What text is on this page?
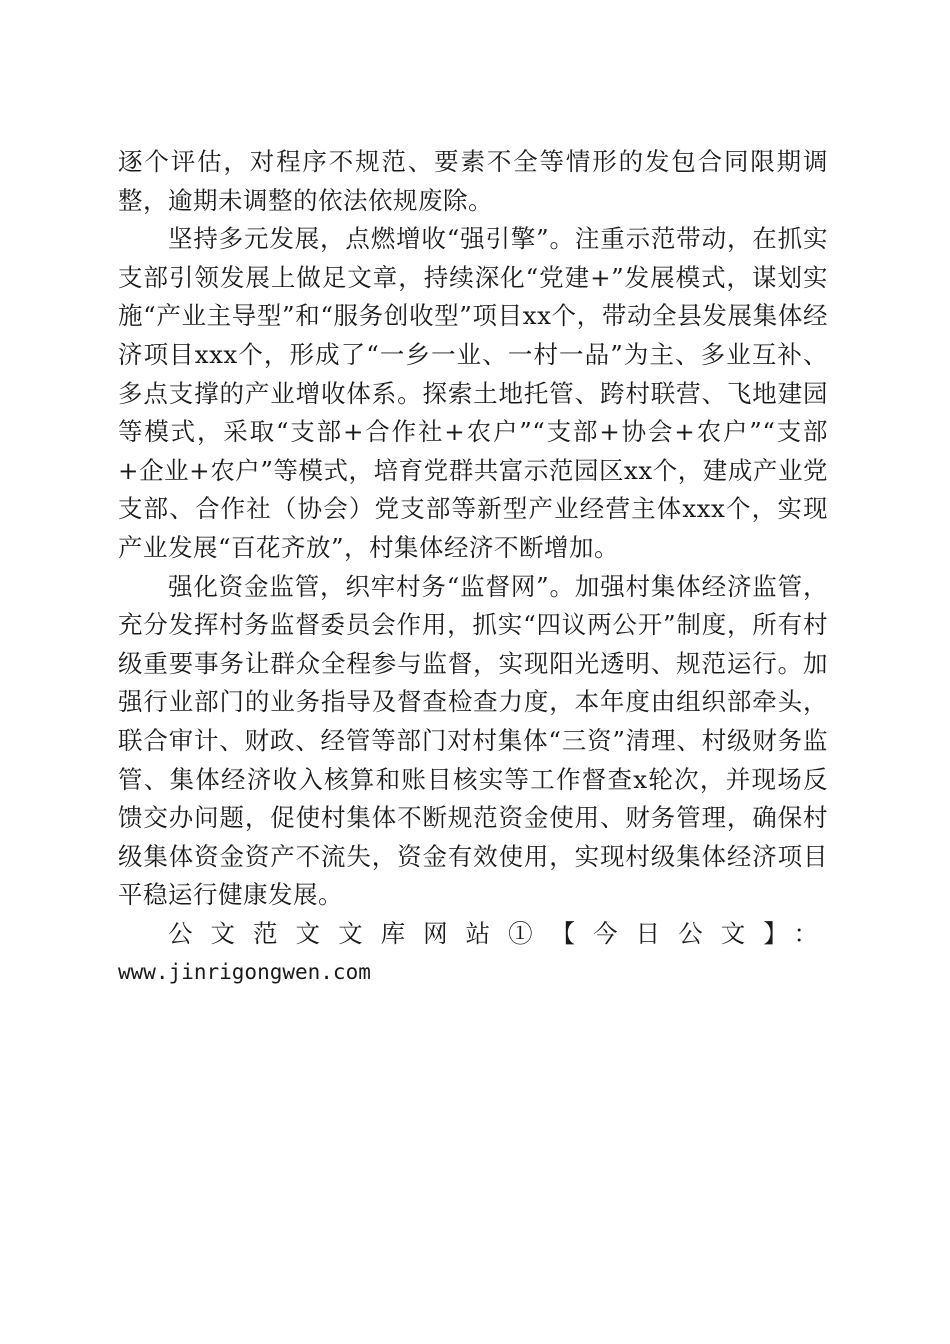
逐个评估，对程序不规范、要素不全等情形的发包合同限期调整，逾期未调整的依法依规废除。

坚持多元发展，点燃增收“强引擎”。注重示范带动，在抓实支部引领发展上做足文章，持续深化“党建+”发展模式，谋划实施“产业主导型”和“服务创收型”项目xx个，带动全县发展集体经济项目xxx个，形成了“一乡一业、一村一品”为主、多业互补、多点支撑的产业增收体系。探索土地托管、跨村联营、飞地建园等模式，采取“支部+合作社+农户”“支部+协会+农户”“支部+企业+农户”等模式，培育党群共富示范园区xx个，建成产业党支部、合作社（协会）党支部等新型产业经营主体xxx个，实现产业发展“百花齐放”，村集体经济不断增加。

强化资金监管，织牢村务“监督网”。加强村集体经济监管，充分发挥村务监督委员会作用，抓实“四议两公开”制度，所有村级重要事务让群众全程参与监督，实现阳光透明、规范运行。加强行业部门的业务指导及督查检查力度，本年度由组织部牵头，联合审计、财政、经管等部门对村集体“三资”清理、村级财务监管、集体经济收入核算和账目核实等工作督查x轮次，并现场反馈交办问题，促使村集体不断规范资金使用、财务管理，确保村级集体资金资产不流失，资金有效使用，实现村级集体经济项目平稳运行健康发展。

公文范文文库网站①【今日公文】：

www.jinrigongwen.com
